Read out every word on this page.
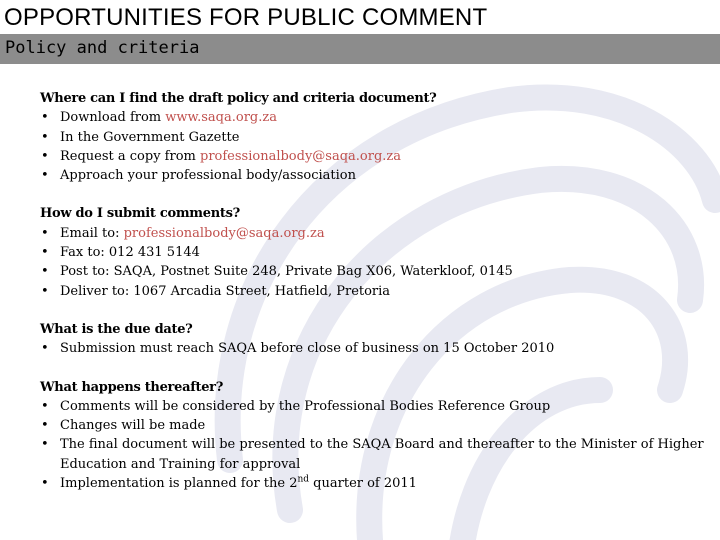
OPPORTUNITIES FOR PUBLIC COMMENT
Policy and criteria
Where can I find the draft policy and criteria document?
• Download from www.saqa.org.za
• In the Government Gazette
• Request a copy from professionalbody@saqa.org.za
• Approach your professional body/association
How do I submit comments?
• Email to: professionalbody@saqa.org.za
• Fax to: 012 431 5144
• Post to: SAQA, Postnet Suite 248, Private Bag X06, Waterkloof, 0145
• Deliver to: 1067 Arcadia Street, Hatfield, Pretoria
What is the due date?
• Submission must reach SAQA before close of business on 15 October 2010
What happens thereafter?
• Comments will be considered by the Professional Bodies Reference Group
• Changes will be made
• The final document will be presented to the SAQA Board and thereafter to the Minister of Higher Education and Training for approval
• Implementation is planned for the 2nd quarter of 2011
